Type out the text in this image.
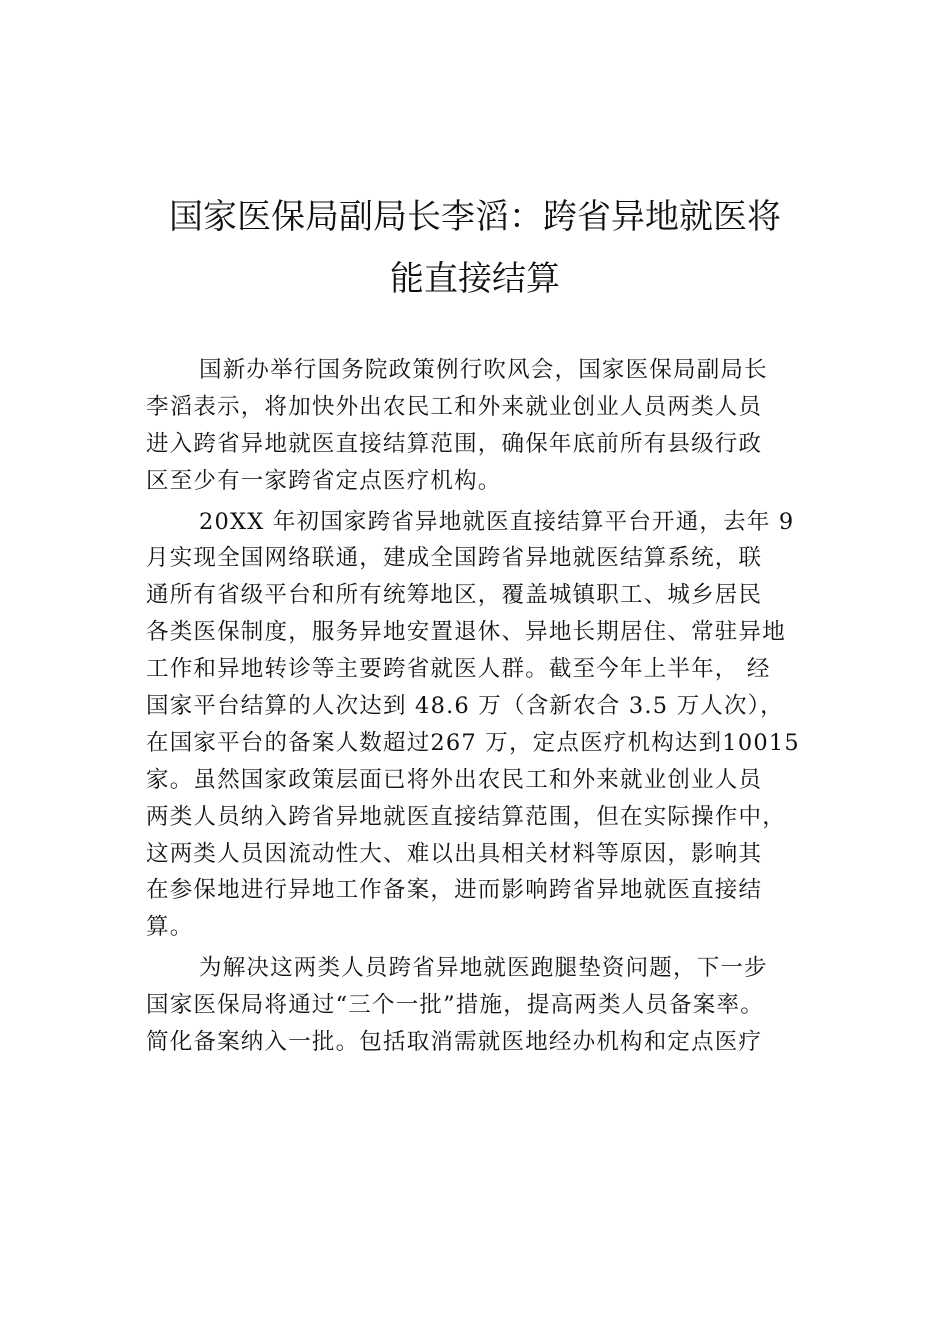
国家医保局副局长李滔：跨省异地就医将
能直接结算
国新办举行国务院政策例行吹风会，国家医保局副局长
李滔表示，将加快外出农民工和外来就业创业人员两类人员
进入跨省异地就医直接结算范围，确保年底前所有县级行政
区至少有一家跨省定点医疗机构。
20XX 年初国家跨省异地就医直接结算平台开通，去年 9
月实现全国网络联通，建成全国跨省异地就医结算系统，联
通所有省级平台和所有统筹地区，覆盖城镇职工、城乡居民
各类医保制度，服务异地安置退休、异地长期居住、常驻异地
工作和异地转诊等主要跨省就医人群。截至今年上半年， 经
国家平台结算的人次达到 48.6 万（含新农合 3.5 万人次），
在国家平台的备案人数超过267 万，定点医疗机构达到10015
家。虽然国家政策层面已将外出农民工和外来就业创业人员
两类人员纳入跨省异地就医直接结算范围，但在实际操作中，
这两类人员因流动性大、难以出具相关材料等原因，影响其
在参保地进行异地工作备案，进而影响跨省异地就医直接结
算。
为解决这两类人员跨省异地就医跑腿垫资问题，下一步
国家医保局将通过“三个一批”措施，提高两类人员备案率。
简化备案纳入一批。包括取消需就医地经办机构和定点医疗
